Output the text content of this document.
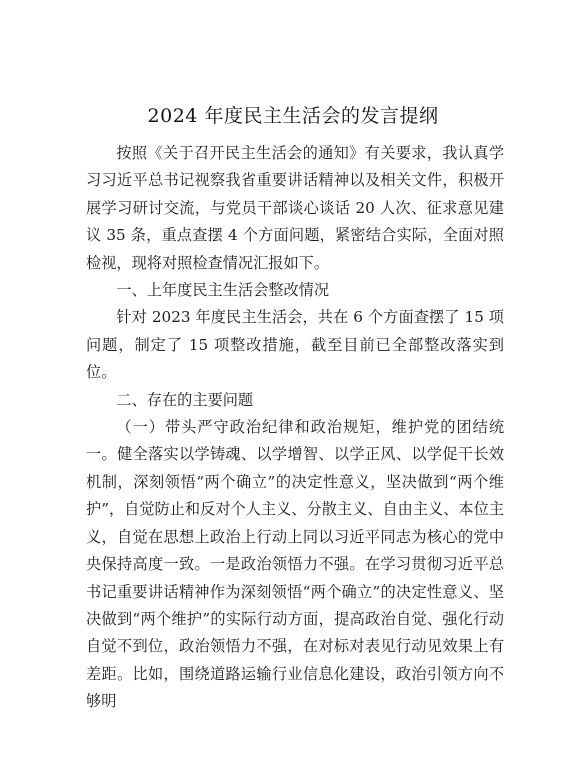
2024 年度民主生活会的发言提纲

按照《关于召开民主生活会的通知》有关要求，我认真学习习近平总书记视察我省重要讲话精神以及相关文件，积极开展学习研讨交流，与党员干部谈心谈话 20 人次、征求意见建议 35 条，重点查摆 4 个方面问题，紧密结合实际，全面对照检视，现将对照检查情况汇报如下。

一、上年度民主生活会整改情况

针对 2023 年度民主生活会，共在 6 个方面查摆了 15 项问题，制定了 15 项整改措施，截至目前已全部整改落实到位。

二、存在的主要问题

（一）带头严守政治纪律和政治规矩，维护党的团结统一。健全落实以学铸魂、以学增智、以学正风、以学促干长效机制，深刻领悟“两个确立”的决定性意义，坚决做到“两个维护”，自觉防止和反对个人主义、分散主义、自由主义、本位主义，自觉在思想上政治上行动上同以习近平同志为核心的党中央保持高度一致。一是政治领悟力不强。在学习贯彻习近平总书记重要讲话精神作为深刻领悟“两个确立”的决定性意义、坚决做到“两个维护”的实际行动方面，提高政治自觉、强化行动自觉不到位，政治领悟力不强，在对标对表见行动见效果上有差距。比如，围绕道路运输行业信息化建设，政治引领方向不够明
